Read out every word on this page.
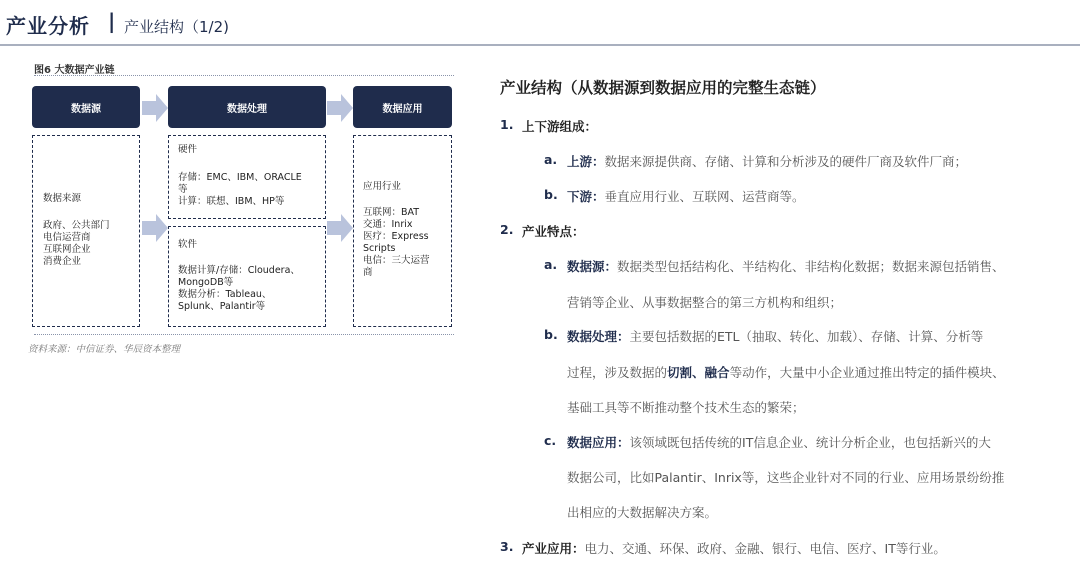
产业分析 | 产业结构（1/2)
图6 大数据产业链
数据源
数据来源
政府、公共部门
电信运营商
互联网企业
消费企业
数据处理
硬件
存储：EMC、IBM、ORACLE
等
计算：联想、IBM、HP等
软件
数据计算/存储：Cloudera、
MongoDB等
数据分析：Tableau、
Splunk、Palantir等
数据应用
应用行业
互联网：BAT
交通：Inrix
医疗：Express
Scripts
电信：三大运营
商
资料来源：中信证券、华辰资本整理
产业结构（从数据源到数据应用的完整生态链）
1. 上下游组成：
a. 上游：数据来源提供商、存储、计算和分析涉及的硬件厂商及软件厂商；
b. 下游：垂直应用行业、互联网、运营商等。
2. 产业特点：
a. 数据源：数据类型包括结构化、半结构化、非结构化数据；数据来源包括销售、
营销等企业、从事数据整合的第三方机构和组织；
b. 数据处理：主要包括数据的ETL（抽取、转化、加载）、存储、计算、分析等
过程，涉及数据的切割、融合等动作，大量中小企业通过推出特定的插件模块、
基础工具等不断推动整个技术生态的繁荣；
c. 数据应用：该领域既包括传统的IT信息企业、统计分析企业，也包括新兴的大
数据公司，比如Palantir、Inrix等，这些企业针对不同的行业、应用场景纷纷推
出相应的大数据解决方案。
3. 产业应用：电力、交通、环保、政府、金融、银行、电信、医疗、IT等行业。
